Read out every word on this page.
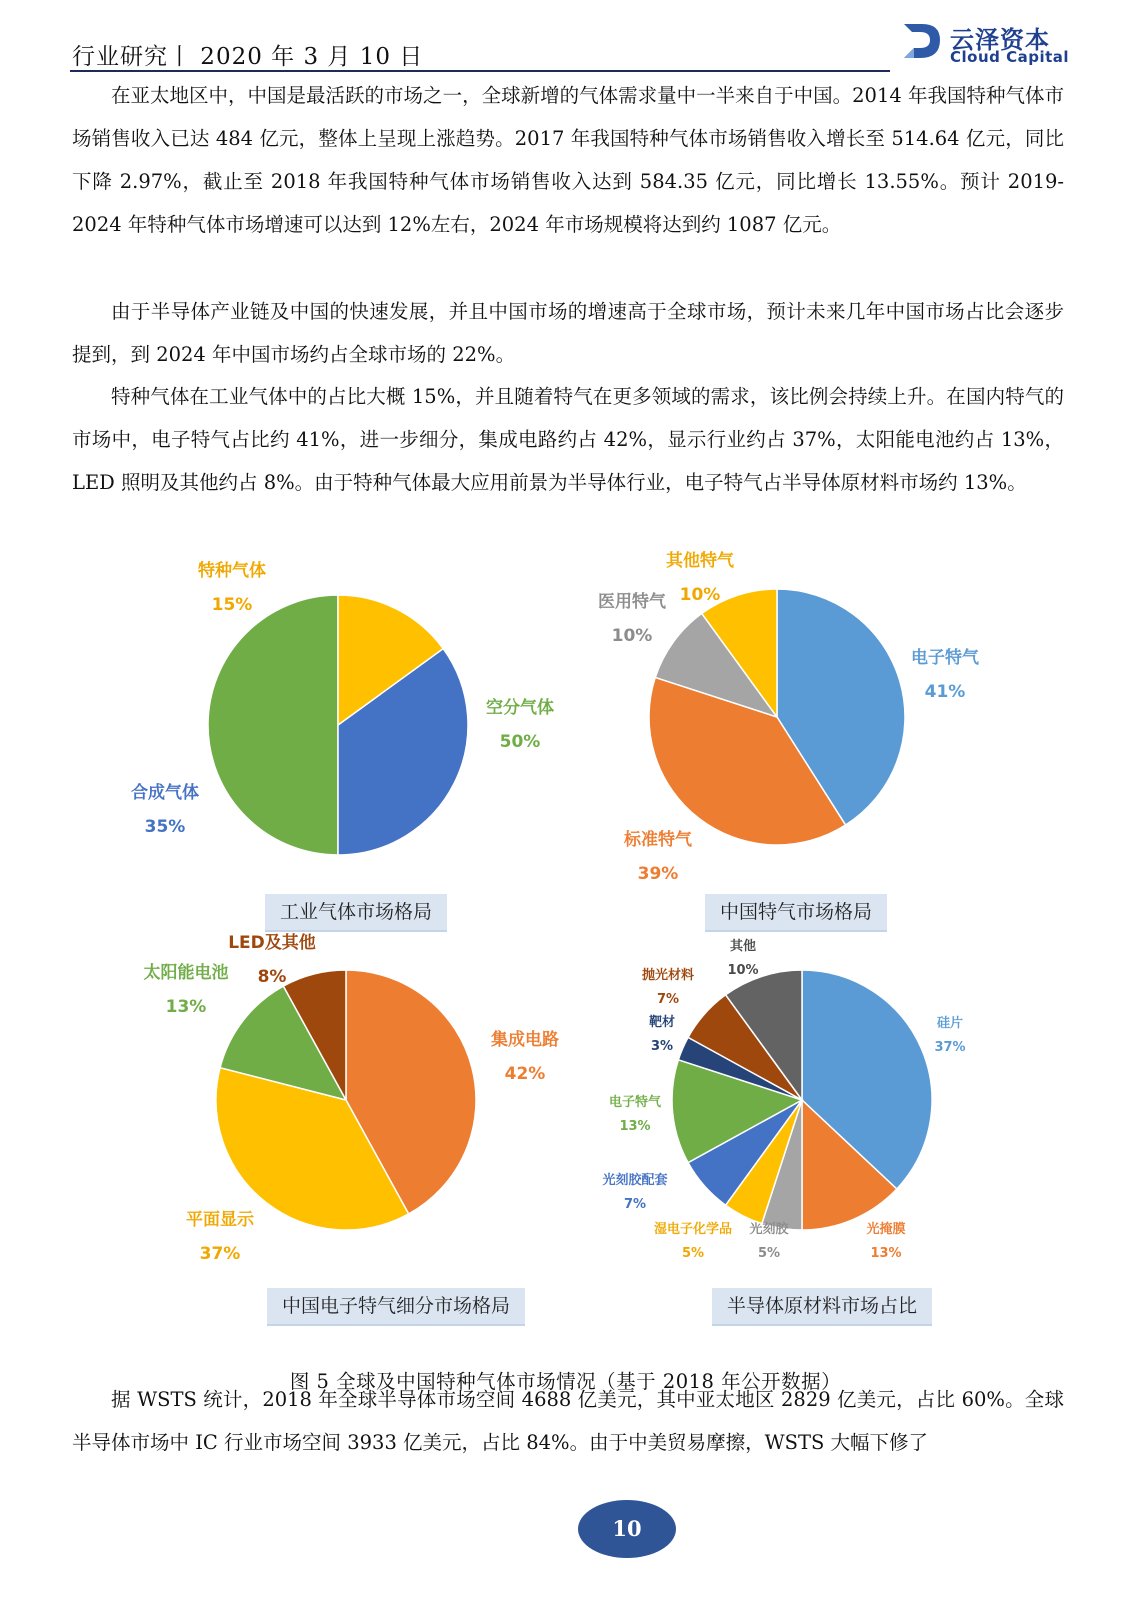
行业研究丨 2020 年 3 月 10 日
云泽资本
Cloud Capital
在亚太地区中，中国是最活跃的市场之一，全球新增的气体需求量中一半来自于中国。2014 年我国特种气体市场销售收入已达 484 亿元，整体上呈现上涨趋势。2017 年我国特种气体市场销售收入增长至 514.64 亿元，同比下降 2.97%，截止至 2018 年我国特种气体市场销售收入达到 584.35 亿元，同比增长 13.55%。预计 2019-2024 年特种气体市场增速可以达到 12%左右，2024 年市场规模将达到约 1087 亿元。
由于半导体产业链及中国的快速发展，并且中国市场的增速高于全球市场，预计未来几年中国市场占比会逐步提到，到 2024 年中国市场约占全球市场的 22%。
特种气体在工业气体中的占比大概 15%，并且随着特气在更多领域的需求，该比例会持续上升。在国内特气的市场中，电子特气占比约 41%，进一步细分，集成电路约占 42%，显示行业约占 37%，太阳能电池约占 13%，LED 照明及其他约占 8%。由于特种气体最大应用前景为半导体行业，电子特气占半导体原材料市场约 13%。
空分气体
50%
合成气体
35%
特种气体
15%
电子特气
41%
标准特气
39%
医用特气
10%
其他特气
10%
集成电路
42%
平面显示
37%
太阳能电池
13%
LED及其他
8%
硅片
37%
光掩膜
13%
光刻胶
5%
湿电子化学品
5%
光刻胶配套
7%
电子特气
13%
靶材
3%
抛光材料
7%
其他
10%
工业气体市场格局	中国特气市场格局
中国电子特气细分市场格局	半导体原材料市场占比
图 5 全球及中国特种气体市场情况（基于 2018 年公开数据）
据 WSTS 统计，2018 年全球半导体市场空间 4688 亿美元，其中亚太地区 2829 亿美元，占比 60%。全球半导体市场中 IC 行业市场空间 3933 亿美元，占比 84%。由于中美贸易摩擦，WSTS 大幅下修了
10
